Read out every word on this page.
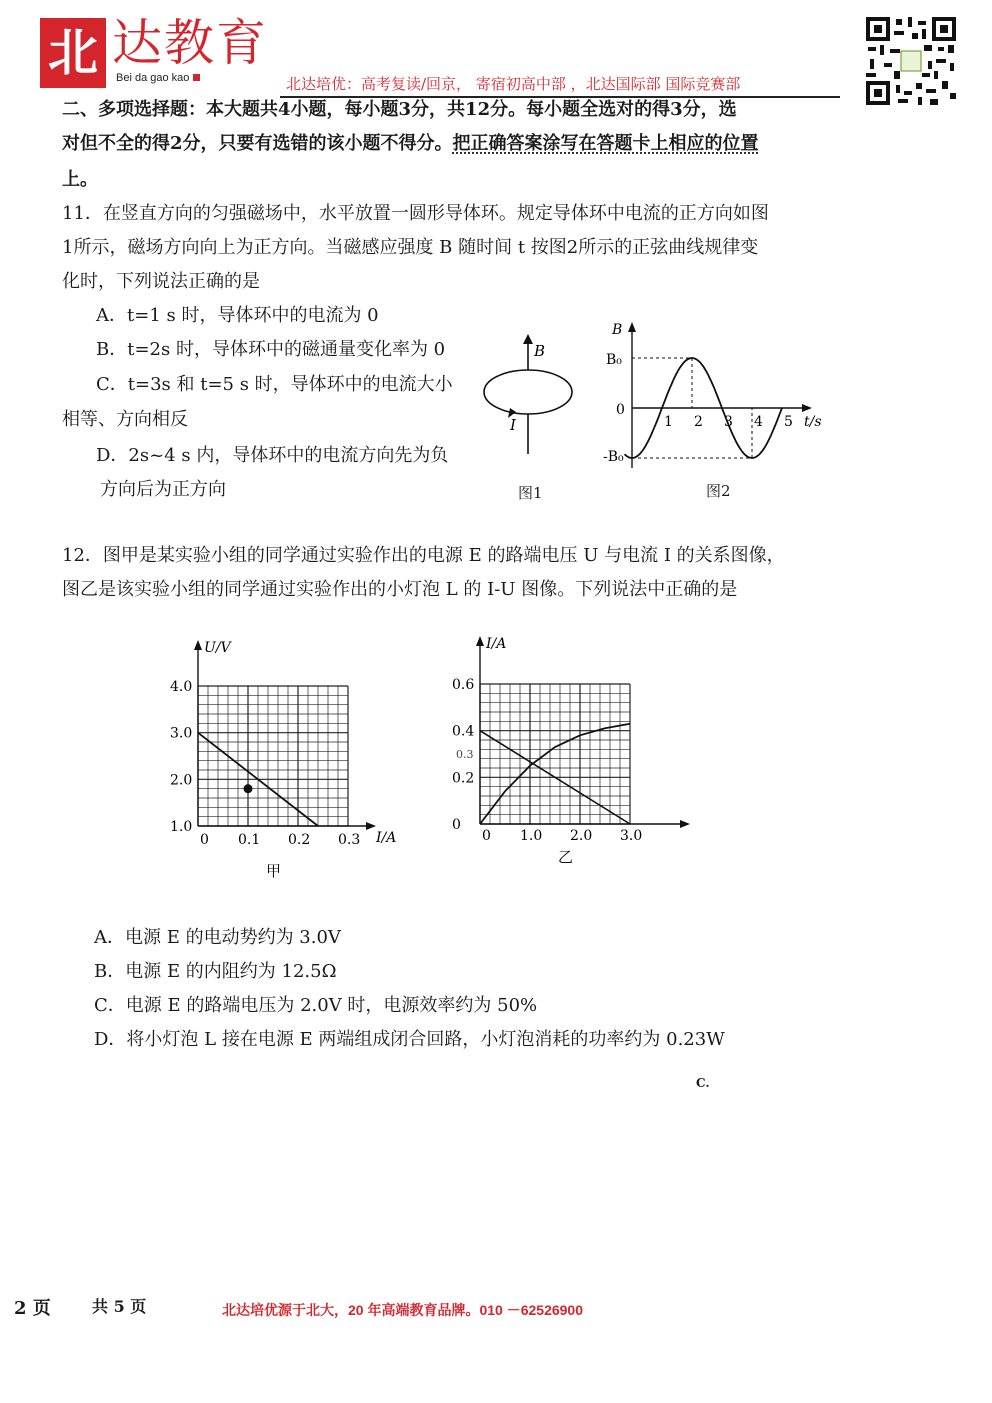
北 达教育
Bei da gao kao	北达培优：高考复读/回京， 寄宿初高中部 ，北达国际部 国际竞赛部
二、多项选择题：本大题共4小题，每小题3分，共12分。每小题全选对的得3分，选
对但不全的得2分，只要有选错的该小题不得分。把正确答案涂写在答题卡上相应的位置
上。
11．在竖直方向的匀强磁场中，水平放置一圆形导体环。规定导体环中电流的正方向如图
1所示，磁场方向向上为正方向。当磁感应强度 B 随时间 t 按图2所示的正弦曲线规律变
化时，下列说法正确的是
A．t=1 s 时，导体环中的电流为 0
B．t=2s 时，导体环中的磁通量变化率为 0
C．t=3s 和 t=5 s 时，导体环中的电流大小
相等、方向相反
D．2s~4 s 内，导体环中的电流方向先为负
方向后为正方向
B
I
图1
B
t/s
B₀
-B₀
0
1 2 3 4 5
图2
12．图甲是某实验小组的同学通过实验作出的电源 E 的路端电压 U 与电流 I 的关系图像，
图乙是该实验小组的同学通过实验作出的小灯泡 L 的 I-U 图像。下列说法中正确的是
U/V
I/A
4.0
3.0
2.0
1.0
0 0.1 0.2 0.3
甲
I/A
0.6
0.4
0.2
0
0 1.0 2.0 3.0
0.3
乙
A．电源 E 的电动势约为 3.0V
B．电源 E 的内阻约为 12.5Ω
C．电源 E 的路端电压为 2.0V 时，电源效率约为 50%
D．将小灯泡 L 接在电源 E 两端组成闭合回路，小灯泡消耗的功率约为 0.23W
C.
2 页	共 5 页	北达培优源于北大，20 年高端教育品牌。010 －62526900
